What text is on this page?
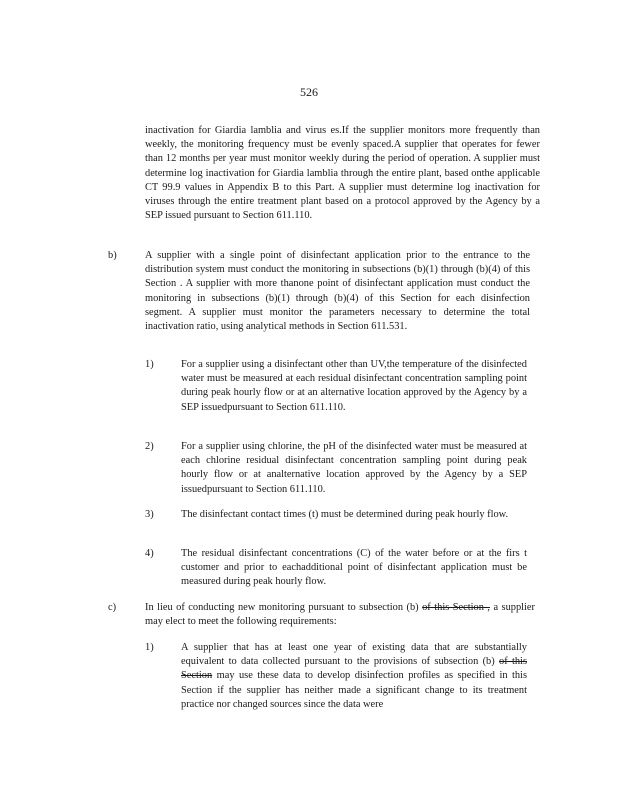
526

inactivation for Giardia lamblia and virus es.If the supplier monitors more frequently than weekly, the monitoring frequency must be evenly spaced.A supplier that operates for fewer than 12 months per year must monitor weekly during the period of operation. A supplier must determine log inactivation for Giardia lamblia through the entire plant, based onthe applicable CT 99.9 values in Appendix B to this Part. A supplier must determine log inactivation for viruses through the entire treatment plant based on a protocol approved by the Agency by a SEP issued pursuant to Section 611.110.

b)	A supplier with a single point of disinfectant application prior to the entrance to the distribution system must conduct the monitoring in subsections (b)(1) through (b)(4) of this Section . A supplier with more thanone point of disinfectant application must conduct the monitoring in subsections (b)(1) through (b)(4) of this Section for each disinfection segment. A supplier must monitor the parameters necessary to determine the total inactivation ratio, using analytical methods in Section 611.531.

1)	For a supplier using a disinfectant other than UV,the temperature of the disinfected water must be measured at each residual disinfectant concentration sampling point during peak hourly flow or at an alternative location approved by the Agency by a SEP issuedpursuant to Section 611.110.

2)	For a supplier using chlorine, the pH of the disinfected water must be measured at each chlorine residual disinfectant concentration sampling point during peak hourly flow or at analternative location approved by the Agency by a SEP issuedpursuant to Section 611.110.

3)	The disinfectant contact times (t) must be determined during peak hourly flow.

4)	The residual disinfectant concentrations (C) of the water before or at the firs t customer and prior to eachadditional point of disinfectant application must be measured during peak hourly flow.

c)	In lieu of conducting new monitoring pursuant to subsection (b) of this Section , a supplier may elect to meet the following requirements:

1)	A supplier that has at least one year of existing data that are substantially equivalent to data collected pursuant to the provisions of subsection (b) of this Section may use these data to develop disinfection profiles as specified in this Section if the supplier has neither made a significant change to its treatment practice nor changed sources since the data were
